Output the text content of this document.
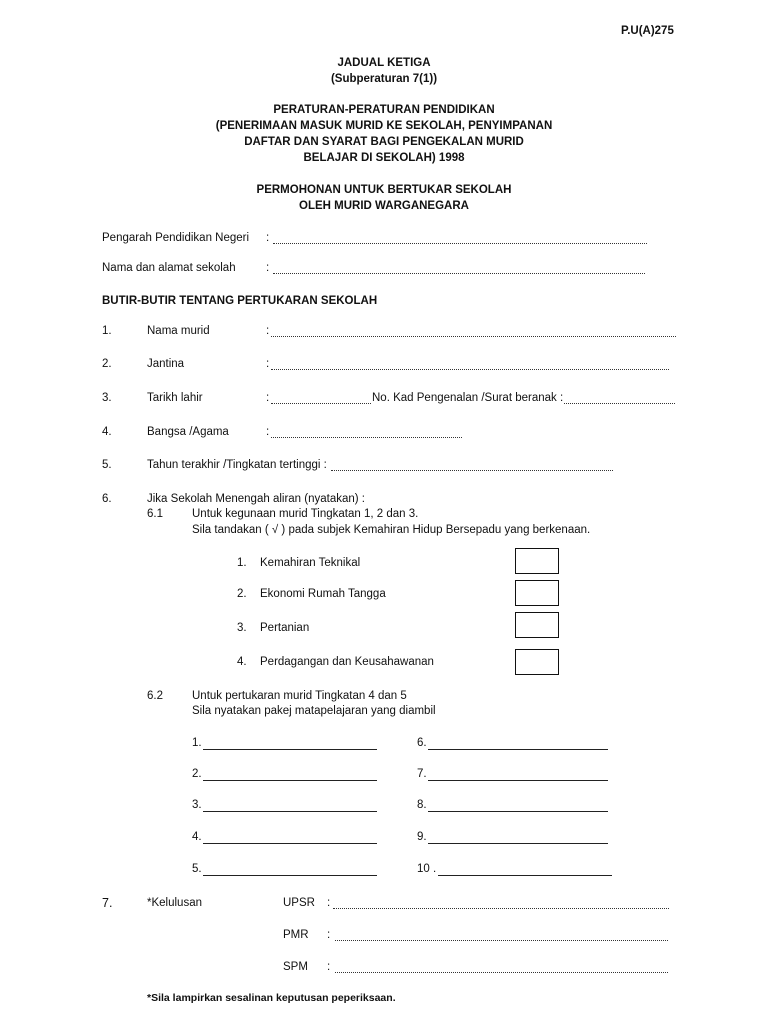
P.U(A)275
JADUAL KETIGA
(Subperaturan 7(1))
PERATURAN-PERATURAN PENDIDIKAN
(PENERIMAAN MASUK MURID KE SEKOLAH, PENYIMPANAN
DAFTAR DAN SYARAT BAGI PENGEKALAN MURID
BELAJAR DI SEKOLAH) 1998
PERMOHONAN UNTUK BERTUKAR SEKOLAH
OLEH MURID WARGANEGARA
Pengarah Pendidikan Negeri :
Nama dan alamat sekolah	:
BUTIR-BUTIR TENTANG PERTUKARAN SEKOLAH
1.	Nama murid	:
2.	Jantina	:
3.	Tarikh lahir	:	No. Kad Pengenalan /Surat beranak :
4.	Bangsa /Agama	:
5.	Tahun terakhir /Tingkatan tertinggi :
6.	Jika Sekolah Menengah aliran (nyatakan) :
6.1	Untuk kegunaan murid Tingkatan 1, 2 dan 3.
Sila tandakan ( √ ) pada subjek Kemahiran Hidup Bersepadu yang berkenaan.
1. Kemahiran Teknikal
2. Ekonomi Rumah Tangga
3. Pertanian
4. Perdagangan dan Keusahawanan
6.2	Untuk pertukaran murid Tingkatan 4 dan 5
Sila nyatakan pakej matapelajaran yang diambil
1.
2.
3.
4.
5.
6.
7.
8.
9.
10 .
7.	*Kelulusan	UPSR :
PMR :
SPM :
*Sila lampirkan sesalinan keputusan peperiksaan.
